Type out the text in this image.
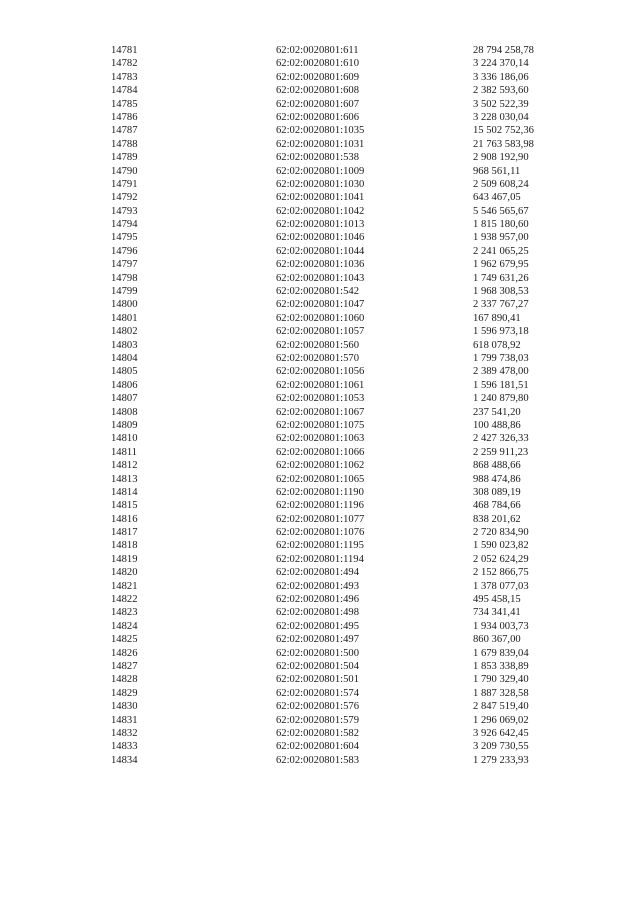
14781	62:02:0020801:611	28 794 258,78
14782	62:02:0020801:610	3 224 370,14
14783	62:02:0020801:609	3 336 186,06
14784	62:02:0020801:608	2 382 593,60
14785	62:02:0020801:607	3 502 522,39
14786	62:02:0020801:606	3 228 030,04
14787	62:02:0020801:1035	15 502 752,36
14788	62:02:0020801:1031	21 763 583,98
14789	62:02:0020801:538	2 908 192,90
14790	62:02:0020801:1009	968 561,11
14791	62:02:0020801:1030	2 509 608,24
14792	62:02:0020801:1041	643 467,05
14793	62:02:0020801:1042	5 546 565,67
14794	62:02:0020801:1013	1 815 180,60
14795	62:02:0020801:1046	1 938 957,00
14796	62:02:0020801:1044	2 241 065,25
14797	62:02:0020801:1036	1 962 679,95
14798	62:02:0020801:1043	1 749 631,26
14799	62:02:0020801:542	1 968 308,53
14800	62:02:0020801:1047	2 337 767,27
14801	62:02:0020801:1060	167 890,41
14802	62:02:0020801:1057	1 596 973,18
14803	62:02:0020801:560	618 078,92
14804	62:02:0020801:570	1 799 738,03
14805	62:02:0020801:1056	2 389 478,00
14806	62:02:0020801:1061	1 596 181,51
14807	62:02:0020801:1053	1 240 879,80
14808	62:02:0020801:1067	237 541,20
14809	62:02:0020801:1075	100 488,86
14810	62:02:0020801:1063	2 427 326,33
14811	62:02:0020801:1066	2 259 911,23
14812	62:02:0020801:1062	868 488,66
14813	62:02:0020801:1065	988 474,86
14814	62:02:0020801:1190	308 089,19
14815	62:02:0020801:1196	468 784,66
14816	62:02:0020801:1077	838 201,62
14817	62:02:0020801:1076	2 720 834,90
14818	62:02:0020801:1195	1 590 023,82
14819	62:02:0020801:1194	2 052 624,29
14820	62:02:0020801:494	2 152 866,75
14821	62:02:0020801:493	1 378 077,03
14822	62:02:0020801:496	495 458,15
14823	62:02:0020801:498	734 341,41
14824	62:02:0020801:495	1 934 003,73
14825	62:02:0020801:497	860 367,00
14826	62:02:0020801:500	1 679 839,04
14827	62:02:0020801:504	1 853 338,89
14828	62:02:0020801:501	1 790 329,40
14829	62:02:0020801:574	1 887 328,58
14830	62:02:0020801:576	2 847 519,40
14831	62:02:0020801:579	1 296 069,02
14832	62:02:0020801:582	3 926 642,45
14833	62:02:0020801:604	3 209 730,55
14834	62:02:0020801:583	1 279 233,93
